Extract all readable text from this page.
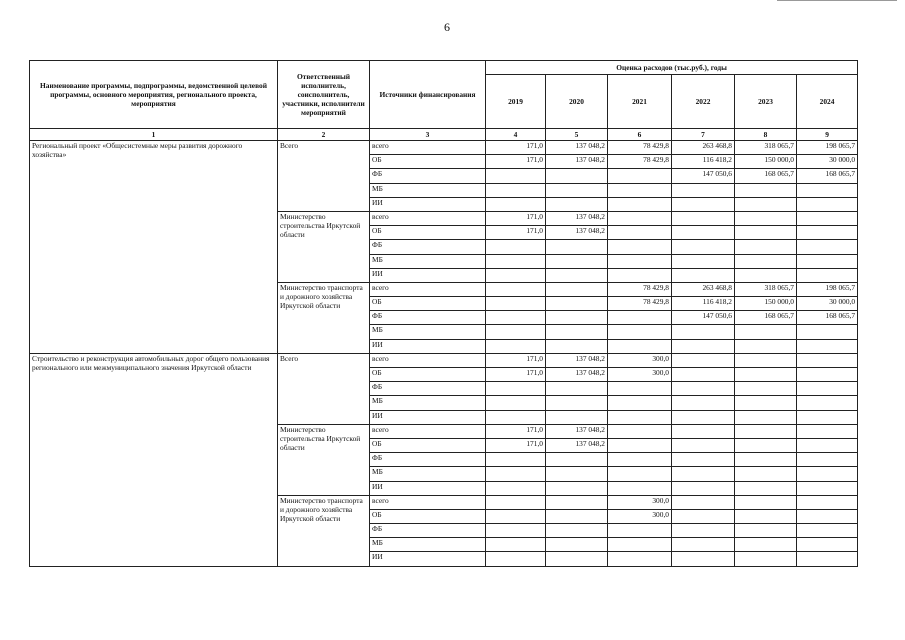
6
Наименование программы, подпрограммы, ведомственной целевой программы, основного мероприятия, регионального проекта, мероприятия	Ответственный исполнитель, соисполнитель, участники, исполнители мероприятий	Источники финансирования	Оценка расходов (тыс.руб.), годы					
			2019	2020	2021	2022	2023	2024
1	2	3	4	5	6	7	8	9
Региональный проект «Общесистемные меры развития дорожного хозяйства»	Всего	всего	171,0	137 048,2	78 429,8	263 468,8	318 065,7	198 065,7
		ОБ	171,0	137 048,2	78 429,8	116 418,2	150 000,0	30 000,0
		ФБ				147 050,6	168 065,7	168 065,7
		МБ						
		ИИ						
	Министерство строительства Иркутской области	всего	171,0	137 048,2				
		ОБ	171,0	137 048,2				
		ФБ						
		МБ						
		ИИ						
	Министерство транспорта и дорожного хозяйства Иркутской области	всего			78 429,8	263 468,8	318 065,7	198 065,7
		ОБ			78 429,8	116 418,2	150 000,0	30 000,0
		ФБ				147 050,6	168 065,7	168 065,7
		МБ						
		ИИ						
Строительство и реконструкция автомобильных дорог общего пользования регионального или межмуниципального значения Иркутской области	Всего	всего	171,0	137 048,2	300,0			
		ОБ	171,0	137 048,2	300,0			
		ФБ						
		МБ						
		ИИ						
	Министерство строительства Иркутской области	всего	171,0	137 048,2				
		ОБ	171,0	137 048,2				
		ФБ						
		МБ						
		ИИ						
	Министерство транспорта и дорожного хозяйства Иркутской области	всего			300,0			
		ОБ			300,0			
		ФБ						
		МБ						
		ИИ						
